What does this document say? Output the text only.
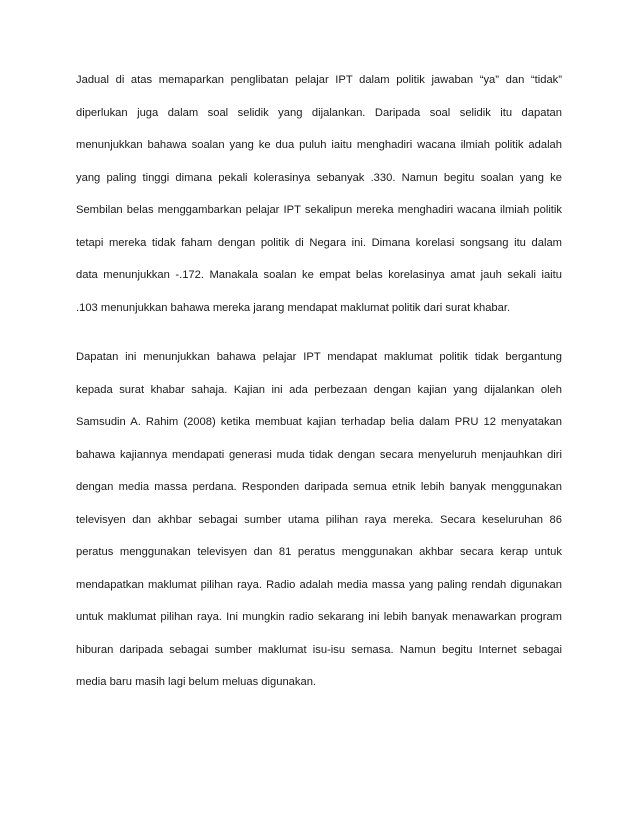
Jadual di atas memaparkan penglibatan pelajar IPT dalam politik jawaban “ya” dan “tidak”
diperlukan juga dalam soal selidik yang dijalankan. Daripada soal selidik itu dapatan
menunjukkan bahawa soalan yang ke dua puluh iaitu menghadiri wacana ilmiah politik adalah
yang paling tinggi dimana pekali kolerasinya sebanyak .330. Namun begitu soalan yang ke
Sembilan belas menggambarkan pelajar IPT sekalipun mereka menghadiri wacana ilmiah politik
tetapi mereka tidak faham dengan politik di Negara ini. Dimana korelasi songsang itu dalam
data menunjukkan -.172. Manakala soalan ke empat belas korelasinya amat jauh sekali iaitu
.103 menunjukkan bahawa mereka jarang mendapat maklumat politik dari surat khabar.

Dapatan ini menunjukkan bahawa pelajar IPT mendapat maklumat politik tidak bergantung
kepada surat khabar sahaja. Kajian ini ada perbezaan dengan kajian yang dijalankan oleh
Samsudin A. Rahim (2008) ketika membuat kajian terhadap belia dalam PRU 12 menyatakan
bahawa kajiannya mendapati generasi muda tidak dengan secara menyeluruh menjauhkan diri
dengan media massa perdana. Responden daripada semua etnik lebih banyak menggunakan
televisyen dan akhbar sebagai sumber utama pilihan raya mereka. Secara keseluruhan 86
peratus menggunakan televisyen dan 81 peratus menggunakan akhbar secara kerap untuk
mendapatkan maklumat pilihan raya. Radio adalah media massa yang paling rendah digunakan
untuk maklumat pilihan raya. Ini mungkin radio sekarang ini lebih banyak menawarkan program
hiburan daripada sebagai sumber maklumat isu-isu semasa. Namun begitu Internet sebagai
media baru masih lagi belum meluas digunakan.
